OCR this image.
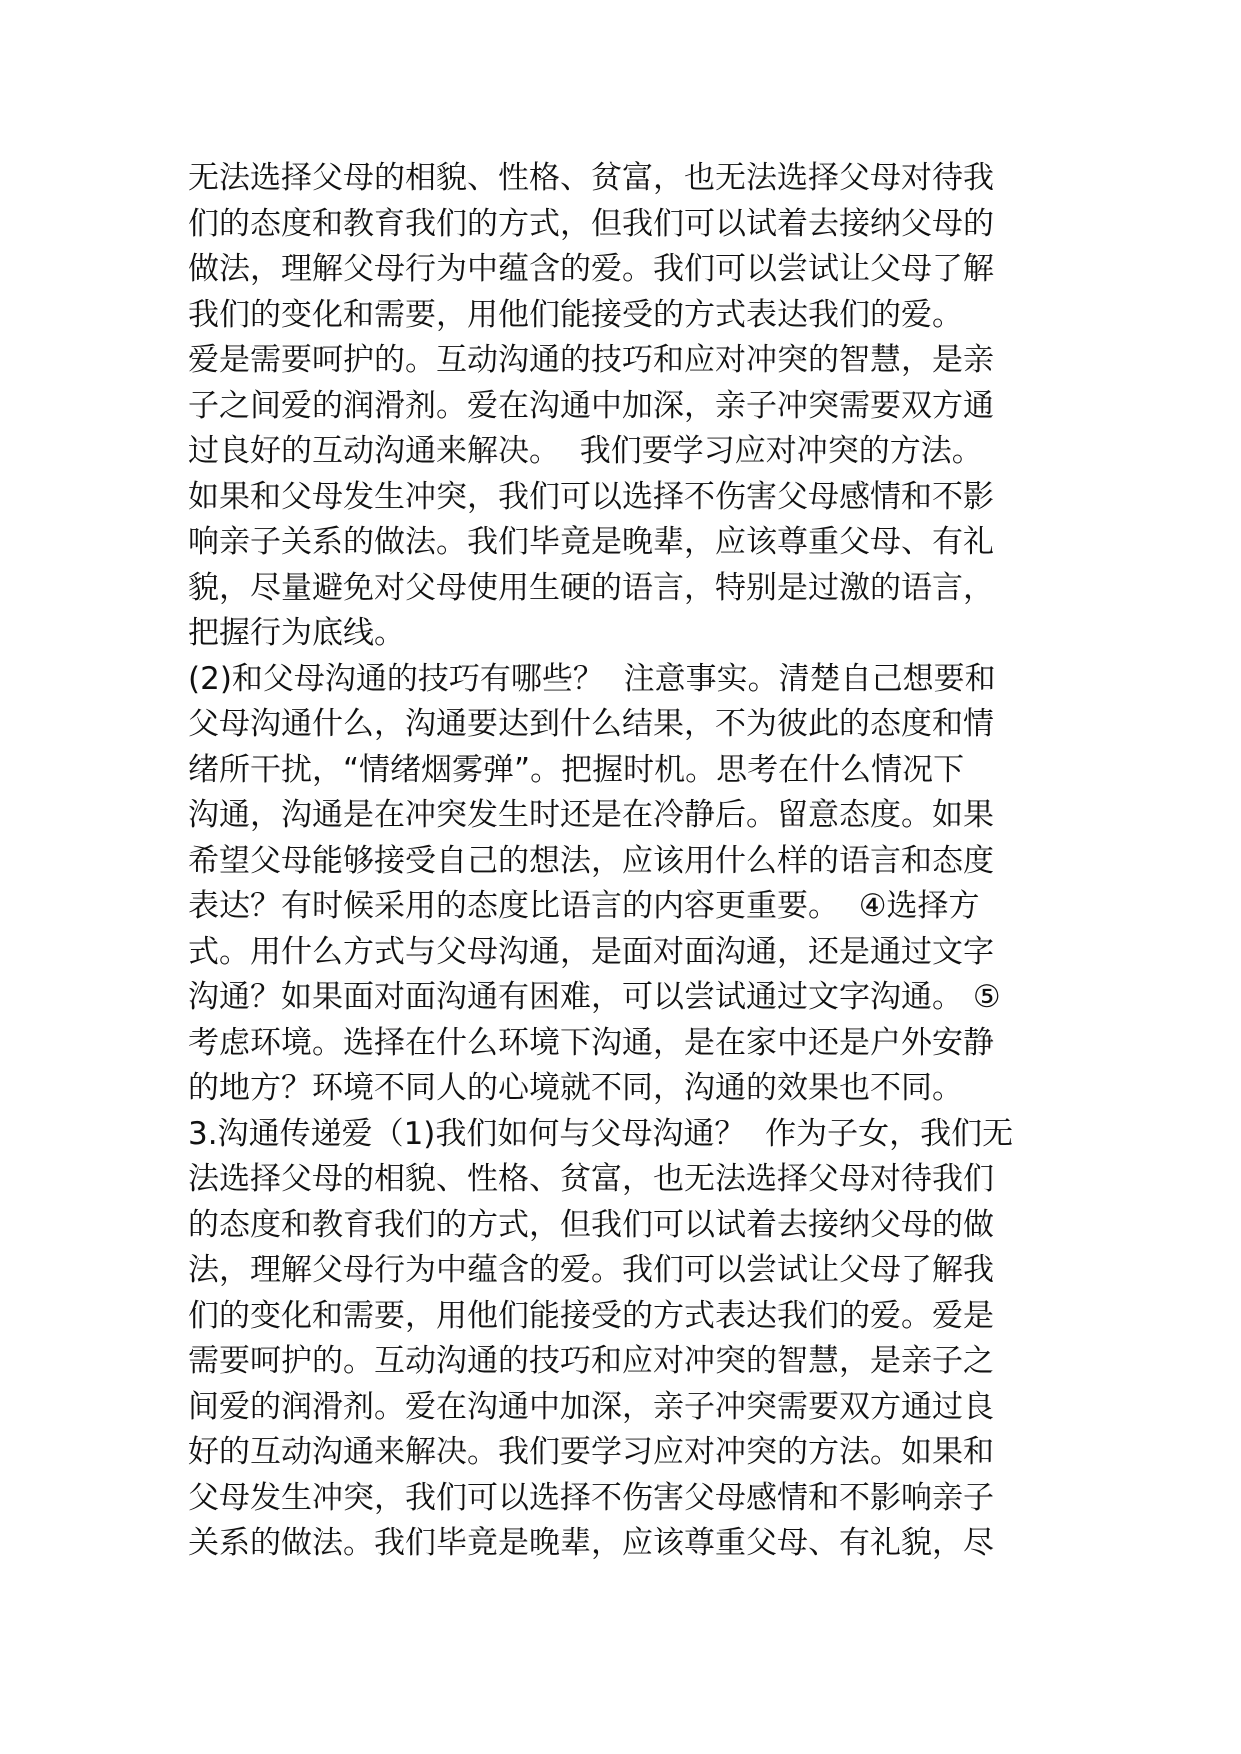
无法选择父母的相貌、性格、贫富，也无法选择父母对待我
们的态度和教育我们的方式，但我们可以试着去接纳父母的
做法，理解父母行为中蕴含的爱。我们可以尝试让父母了解
我们的变化和需要，用他们能接受的方式表达我们的爱。
爱是需要呵护的。互动沟通的技巧和应对冲突的智慧，是亲
子之间爱的润滑剂。爱在沟通中加深，亲子冲突需要双方通
过良好的互动沟通来解决。  我们要学习应对冲突的方法。
如果和父母发生冲突，我们可以选择不伤害父母感情和不影
响亲子关系的做法。我们毕竟是晚辈，应该尊重父母、有礼
貌，尽量避免对父母使用生硬的语言，特别是过激的语言，
把握行为底线。
(2)和父母沟通的技巧有哪些？  注意事实。清楚自己想要和
父母沟通什么，沟通要达到什么结果，不为彼此的态度和情
绪所干扰，“情绪烟雾弹”。把握时机。思考在什么情况下
沟通，沟通是在冲突发生时还是在冷静后。留意态度。如果
希望父母能够接受自己的想法，应该用什么样的语言和态度
表达？有时候采用的态度比语言的内容更重要。  ④选择方
式。用什么方式与父母沟通，是面对面沟通，还是通过文字
沟通？如果面对面沟通有困难，可以尝试通过文字沟通。 ⑤
考虑环境。选择在什么环境下沟通，是在家中还是户外安静
的地方？环境不同人的心境就不同，沟通的效果也不同。
3.沟通传递爱（1)我们如何与父母沟通？  作为子女，我们无
法选择父母的相貌、性格、贫富，也无法选择父母对待我们
的态度和教育我们的方式，但我们可以试着去接纳父母的做
法，理解父母行为中蕴含的爱。我们可以尝试让父母了解我
们的变化和需要，用他们能接受的方式表达我们的爱。爱是
需要呵护的。互动沟通的技巧和应对冲突的智慧，是亲子之
间爱的润滑剂。爱在沟通中加深，亲子冲突需要双方通过良
好的互动沟通来解决。我们要学习应对冲突的方法。如果和
父母发生冲突，我们可以选择不伤害父母感情和不影响亲子
关系的做法。我们毕竟是晚辈，应该尊重父母、有礼貌，尽
